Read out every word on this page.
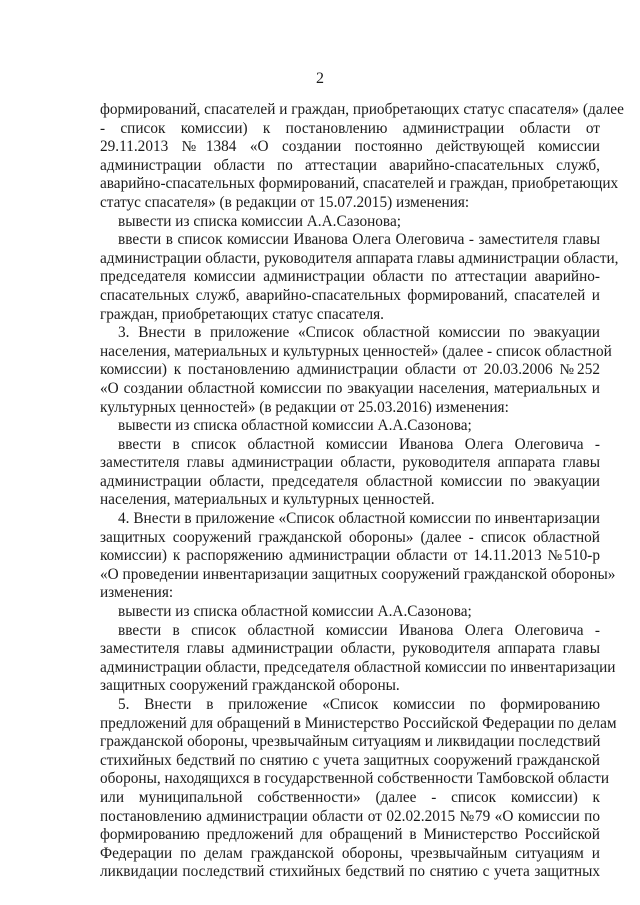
2
формирований, спасателей и граждан, приобретающих статус спасателя» (далее
- список комиссии) к постановлению администрации области от
29.11.2013 №1384 «О создании постоянно действующей комиссии
администрации области по аттестации аварийно-спасательных служб,
аварийно-спасательных формирований, спасателей и граждан, приобретающих
статус спасателя» (в редакции от 15.07.2015) изменения:
вывести из списка комиссии А.А.Сазонова;
ввести в список комиссии Иванова Олега Олеговича - заместителя главы
администрации области, руководителя аппарата главы администрации области,
председателя комиссии администрации области по аттестации аварийно-
спасательных служб, аварийно-спасательных формирований, спасателей и
граждан, приобретающих статус спасателя.
3. Внести в приложение «Список областной комиссии по эвакуации
населения, материальных и культурных ценностей» (далее - список областной
комиссии) к постановлению администрации области от 20.03.2006 №252
«О создании областной комиссии по эвакуации населения, материальных и
культурных ценностей» (в редакции от 25.03.2016) изменения:
вывести из списка областной комиссии А.А.Сазонова;
ввести в список областной комиссии Иванова Олега Олеговича -
заместителя главы администрации области, руководителя аппарата главы
администрации области, председателя областной комиссии по эвакуации
населения, материальных и культурных ценностей.
4. Внести в приложение «Список областной комиссии по инвентаризации
защитных сооружений гражданской обороны» (далее - список областной
комиссии) к распоряжению администрации области от 14.11.2013 №510-р
«О проведении инвентаризации защитных сооружений гражданской обороны»
изменения:
вывести из списка областной комиссии А.А.Сазонова;
ввести в список областной комиссии Иванова Олега Олеговича -
заместителя главы администрации области, руководителя аппарата главы
администрации области, председателя областной комиссии по инвентаризации
защитных сооружений гражданской обороны.
5. Внести в приложение «Список комиссии по формированию
предложений для обращений в Министерство Российской Федерации по делам
гражданской обороны, чрезвычайным ситуациям и ликвидации последствий
стихийных бедствий по снятию с учета защитных сооружений гражданской
обороны, находящихся в государственной собственности Тамбовской области
или муниципальной собственности» (далее - список комиссии) к
постановлению администрации области от 02.02.2015 №79 «О комиссии по
формированию предложений для обращений в Министерство Российской
Федерации по делам гражданской обороны, чрезвычайным ситуациям и
ликвидации последствий стихийных бедствий по снятию с учета защитных
